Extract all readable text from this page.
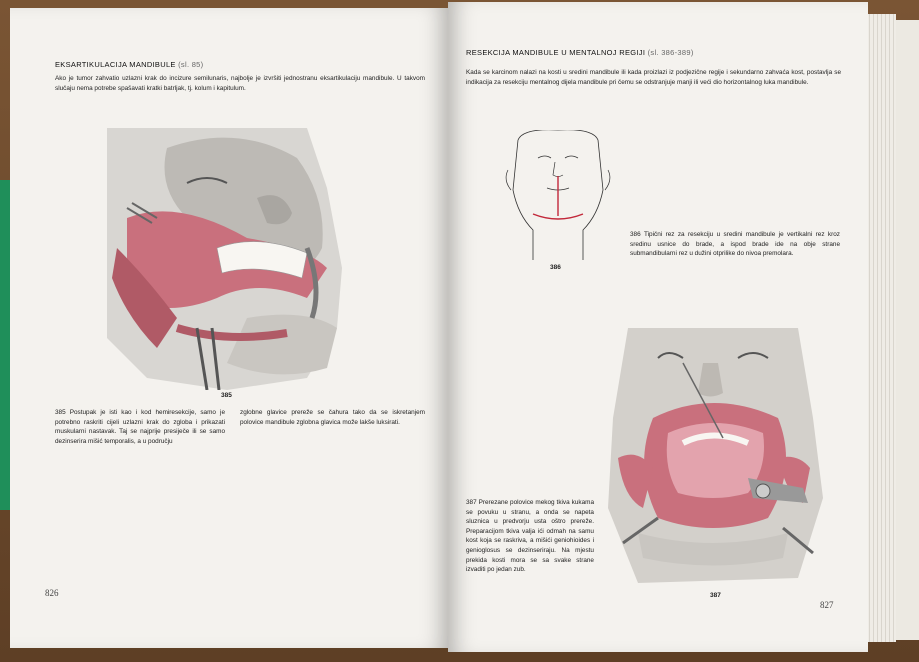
EKSARTIKULACIJA MANDIBULE (sl. 85)
Ako je tumor zahvatio uzlazni krak do incizure semilunaris, najbolje je izvršiti jednostranu eksartikulaciju mandibule. U takvom slučaju nema potrebe spašavati kratki batrljak, tj. kolum i kapitulum.
385
385 Postupak je isti kao i kod hemiresekcije, samo je potrebno raskriti cijeli uzlazni krak do zgloba i prikazati muskularni nastavak. Taj se najprije presiječe ili se samo dezinserira mišić temporalis, a u području
zglobne glavice prereže se čahura tako da se iskretanjem polovice mandibule zglobna glavica može lakše luksirati.
826
RESEKCIJA MANDIBULE U MENTALNOJ REGIJI (sl. 386-389)
Kada se karcinom nalazi na kosti u sredini mandibule ili kada proizlazi iz podjezične regije i sekundarno zahvaća kost, postavlja se indikacija za resekciju mentalnog dijela mandibule pri čemu se odstranjuje manji ili veći dio horizontalnog luka mandibule.
386
386 Tipični rez za resekciju u sredini mandibule je vertikalni rez kroz sredinu usnice do brade, a ispod brade ide na obje strane submandibularni rez u dužini otprilike do nivoa premolara.
387
387 Prerezane polovice mekog tkiva kukama se povuku u stranu, a onda se napeta sluznica u predvorju usta oštro prereže. Preparacijom tkiva valja ići odmah na samu kost koja se raskriva, a mišići geniohioides i genioglosus se dezinseriraju. Na mjestu prekida kosti mora se sa svake strane izvaditi po jedan zub.
827
